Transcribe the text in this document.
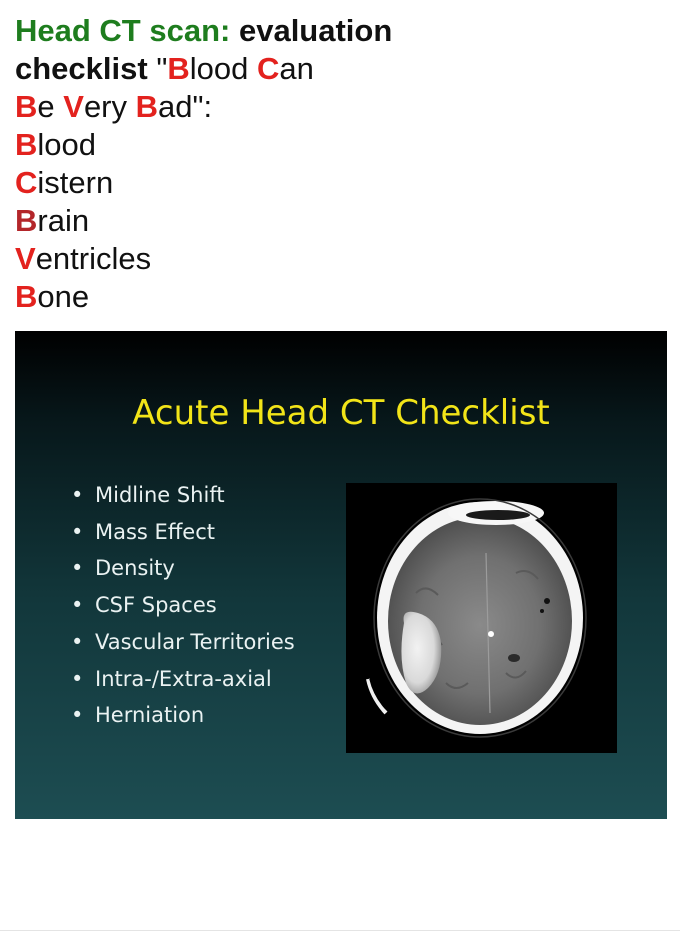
Head CT scan: evaluation
checklist "Blood Can
Be Very Bad":
Blood
Cistern
Brain
Ventricles
Bone
Acute Head CT Checklist
• Midline Shift
• Mass Effect
• Density
• CSF Spaces
• Vascular Territories
• Intra-/Extra-axial
• Herniation
